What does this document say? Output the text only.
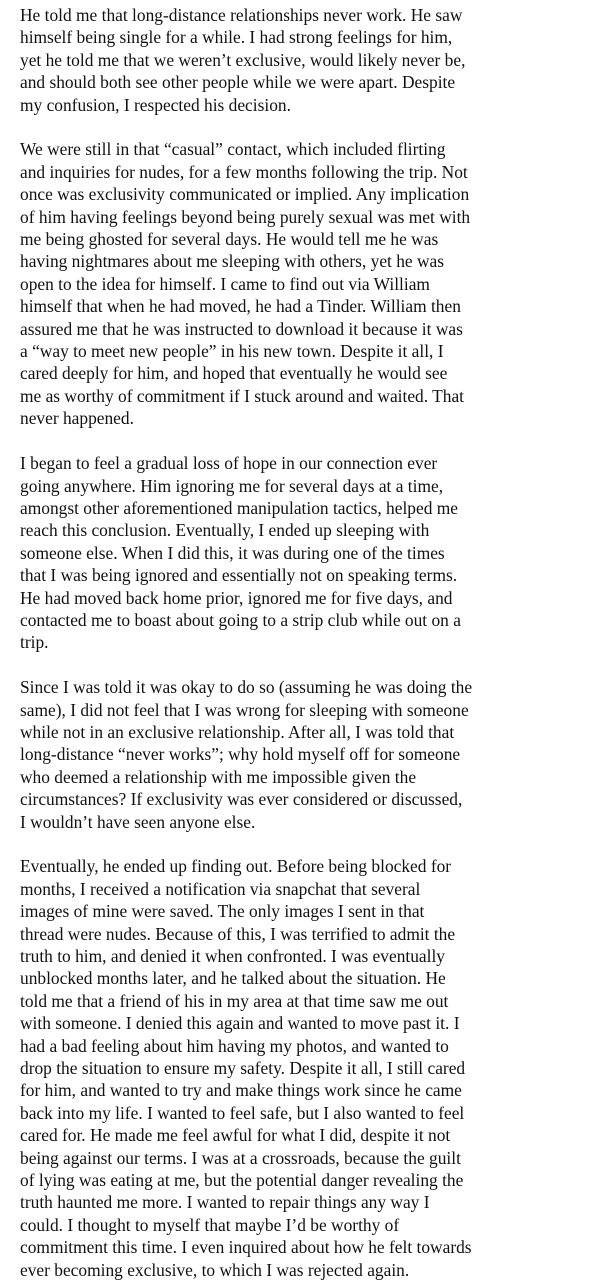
He told me that long-distance relationships never work. He saw
himself being single for a while. I had strong feelings for him,
yet he told me that we weren’t exclusive, would likely never be,
and should both see other people while we were apart. Despite
my confusion, I respected his decision.

We were still in that “casual” contact, which included flirting
and inquiries for nudes, for a few months following the trip. Not
once was exclusivity communicated or implied. Any implication
of him having feelings beyond being purely sexual was met with
me being ghosted for several days. He would tell me he was
having nightmares about me sleeping with others, yet he was
open to the idea for himself. I came to find out via William
himself that when he had moved, he had a Tinder. William then
assured me that he was instructed to download it because it was
a “way to meet new people” in his new town. Despite it all, I
cared deeply for him, and hoped that eventually he would see
me as worthy of commitment if I stuck around and waited. That
never happened.

I began to feel a gradual loss of hope in our connection ever
going anywhere. Him ignoring me for several days at a time,
amongst other aforementioned manipulation tactics, helped me
reach this conclusion. Eventually, I ended up sleeping with
someone else. When I did this, it was during one of the times
that I was being ignored and essentially not on speaking terms.
He had moved back home prior, ignored me for five days, and
contacted me to boast about going to a strip club while out on a
trip.

Since I was told it was okay to do so (assuming he was doing the
same), I did not feel that I was wrong for sleeping with someone
while not in an exclusive relationship. After all, I was told that
long-distance “never works”; why hold myself off for someone
who deemed a relationship with me impossible given the
circumstances? If exclusivity was ever considered or discussed,
I wouldn’t have seen anyone else.

Eventually, he ended up finding out. Before being blocked for
months, I received a notification via snapchat that several
images of mine were saved. The only images I sent in that
thread were nudes. Because of this, I was terrified to admit the
truth to him, and denied it when confronted. I was eventually
unblocked months later, and he talked about the situation. He
told me that a friend of his in my area at that time saw me out
with someone. I denied this again and wanted to move past it. I
had a bad feeling about him having my photos, and wanted to
drop the situation to ensure my safety. Despite it all, I still cared
for him, and wanted to try and make things work since he came
back into my life. I wanted to feel safe, but I also wanted to feel
cared for. He made me feel awful for what I did, despite it not
being against our terms. I was at a crossroads, because the guilt
of lying was eating at me, but the potential danger revealing the
truth haunted me more. I wanted to repair things any way I
could. I thought to myself that maybe I’d be worthy of
commitment this time. I even inquired about how he felt towards
ever becoming exclusive, to which I was rejected again.
